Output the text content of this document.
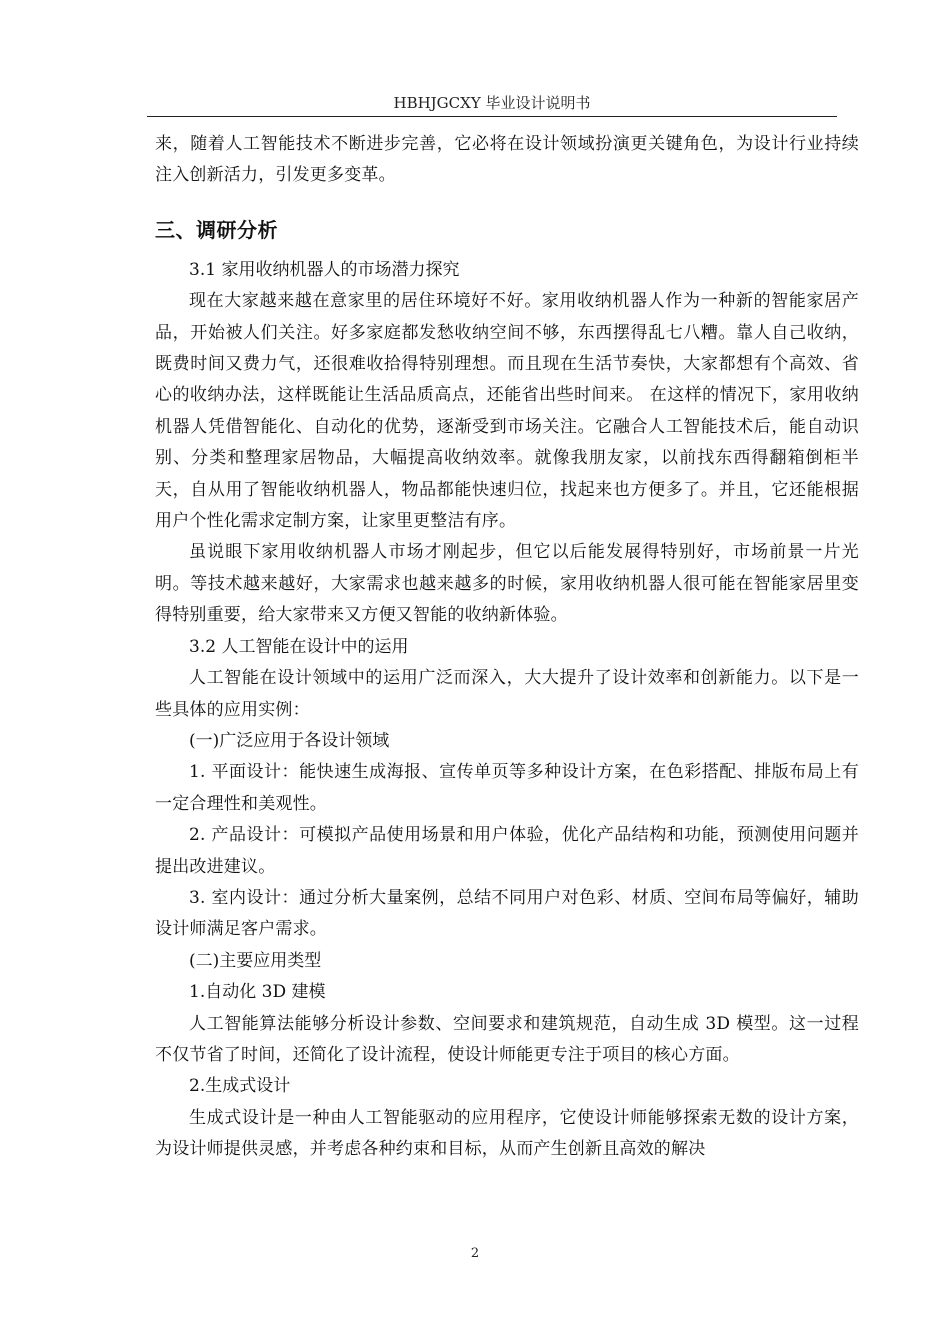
HBHJGCXY 毕业设计说明书

来，随着人工智能技术不断进步完善，它必将在设计领域扮演更关键角色，为设计行业持续注入创新活力，引发更多变革。

三、调研分析

3.1 家用收纳机器人的市场潜力探究

现在大家越来越在意家里的居住环境好不好。家用收纳机器人作为一种新的智能家居产品，开始被人们关注。好多家庭都发愁收纳空间不够，东西摆得乱七八糟。靠人自己收纳，既费时间又费力气，还很难收拾得特别理想。而且现在生活节奏快，大家都想有个高效、省心的收纳办法，这样既能让生活品质高点，还能省出些时间来。 在这样的情况下，家用收纳机器人凭借智能化、自动化的优势，逐渐受到市场关注。它融合人工智能技术后，能自动识别、分类和整理家居物品，大幅提高收纳效率。就像我朋友家，以前找东西得翻箱倒柜半天，自从用了智能收纳机器人，物品都能快速归位，找起来也方便多了。并且，它还能根据用户个性化需求定制方案，让家里更整洁有序。

虽说眼下家用收纳机器人市场才刚起步，但它以后能发展得特别好，市场前景一片光明。等技术越来越好，大家需求也越来越多的时候，家用收纳机器人很可能在智能家居里变得特别重要，给大家带来又方便又智能的收纳新体验。

3.2 人工智能在设计中的运用

人工智能在设计领域中的运用广泛而深入，大大提升了设计效率和创新能力。以下是一些具体的应用实例：

(一)广泛应用于各设计领域

1. 平面设计：能快速生成海报、宣传单页等多种设计方案，在色彩搭配、排版布局上有一定合理性和美观性。

2. 产品设计：可模拟产品使用场景和用户体验，优化产品结构和功能，预测使用问题并提出改进建议。

3. 室内设计：通过分析大量案例，总结不同用户对色彩、材质、空间布局等偏好，辅助设计师满足客户需求。

(二)主要应用类型

1.自动化 3D 建模

人工智能算法能够分析设计参数、空间要求和建筑规范，自动生成 3D 模型。这一过程不仅节省了时间，还简化了设计流程，使设计师能更专注于项目的核心方面。

2.生成式设计

生成式设计是一种由人工智能驱动的应用程序，它使设计师能够探索无数的设计方案，为设计师提供灵感，并考虑各种约束和目标，从而产生创新且高效的解决

2
